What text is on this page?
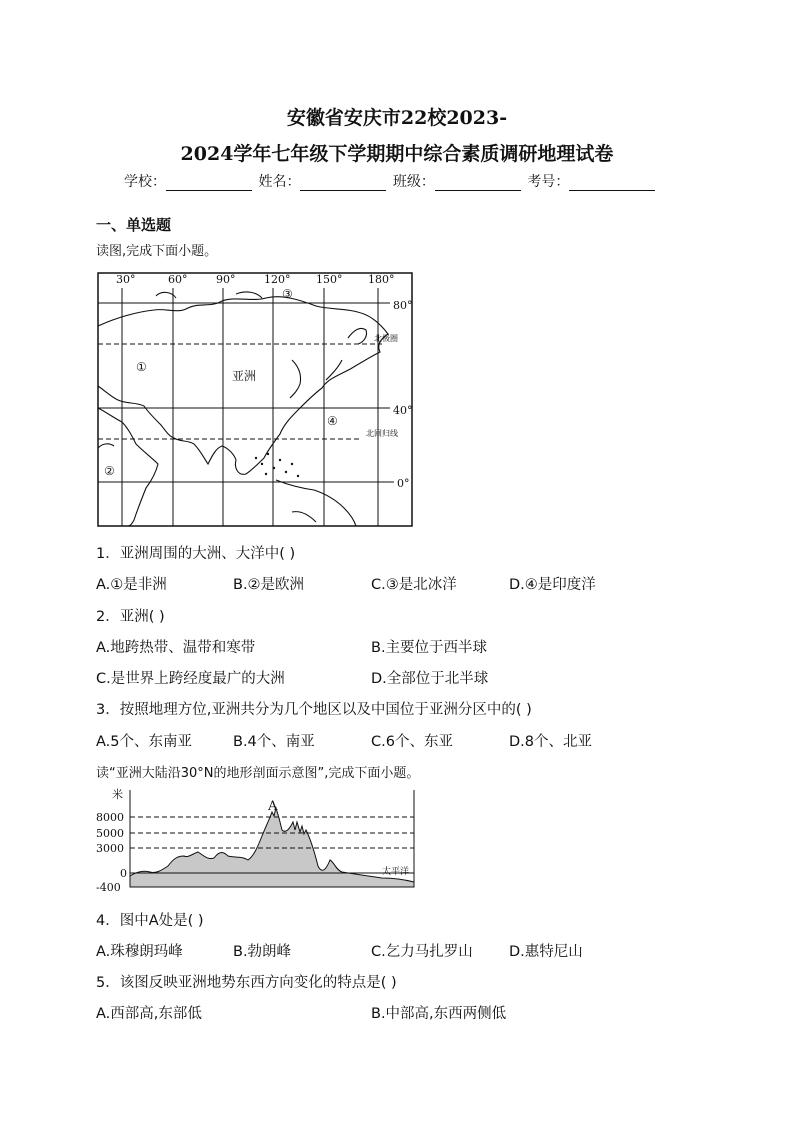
安徽省安庆市22校2023-
2024学年七年级下学期期中综合素质调研地理试卷
学校：	姓名：	班级：	考号：
一、单选题
读图,完成下面小题。
30°	60°	90°	120° 150° 180°
80°
40°
0°
北极圈
北回归线
亚洲
①
②
③
④
1．亚洲周围的大洲、大洋中( )
A.①是非洲	B.②是欧洲	C.③是北冰洋	D.④是印度洋
2．亚洲( )
A.地跨热带、温带和寒带	B.主要位于西半球
C.是世界上跨经度最广的大洲	D.全部位于北半球
3．按照地理方位,亚洲共分为几个地区以及中国位于亚洲分区中的( )
A.5个、东南亚	B.4个、南亚	C.6个、东亚	D.8个、北亚
读“亚洲大陆沿30°N的地形剖面示意图”,完成下面小题。
米
8000
5000
3000
0
-400
A
太平洋
4．图中A处是( )
A.珠穆朗玛峰	B.勃朗峰	C.乞力马扎罗山	D.惠特尼山
5．该图反映亚洲地势东西方向变化的特点是( )
A.西部高,东部低	B.中部高,东西两侧低
